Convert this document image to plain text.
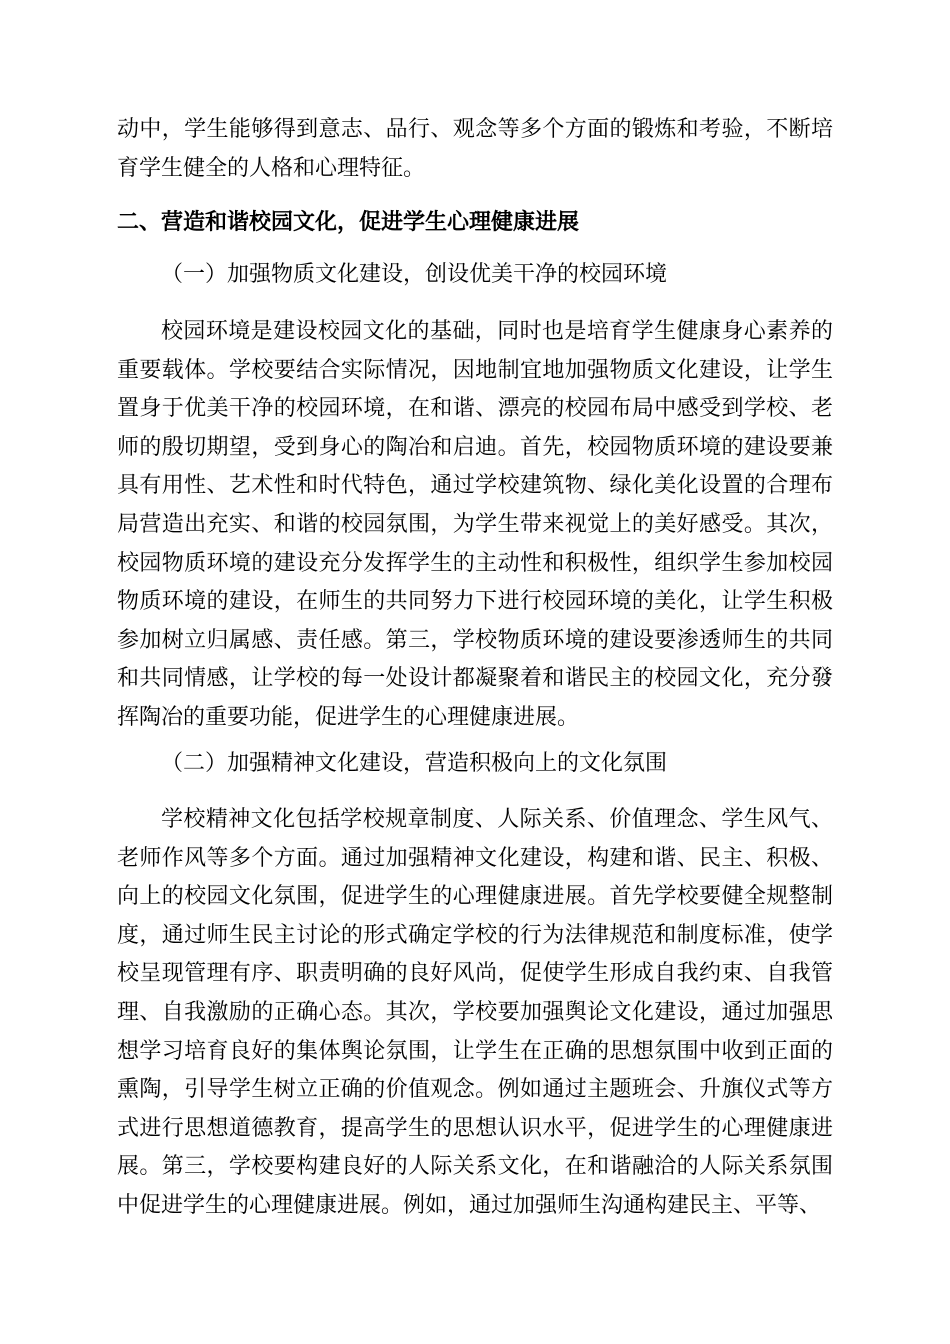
动中，学生能够得到意志、品行、观念等多个方面的锻炼和考验，不断培育学生健全的人格和心理特征。

二、营造和谐校园文化，促进学生心理健康进展

（一）加强物质文化建设，创设优美干净的校园环境

校园环境是建设校园文化的基础，同时也是培育学生健康身心素养的重要载体。学校要结合实际情况，因地制宜地加强物质文化建设，让学生置身于优美干净的校园环境，在和谐、漂亮的校园布局中感受到学校、老师的殷切期望，受到身心的陶冶和启迪。首先，校园物质环境的建设要兼具有用性、艺术性和时代特色，通过学校建筑物、绿化美化设置的合理布局营造出充实、和谐的校园氛围，为学生带来视觉上的美好感受。其次，校园物质环境的建设充分发挥学生的主动性和积极性，组织学生参加校园物质环境的建设，在师生的共同努力下进行校园环境的美化，让学生积极参加树立归属感、责任感。第三，学校物质环境的建设要渗透师生的共同和共同情感，让学校的每一处设计都凝聚着和谐民主的校园文化，充分發挥陶冶的重要功能，促进学生的心理健康进展。

（二）加强精神文化建设，营造积极向上的文化氛围

学校精神文化包括学校规章制度、人际关系、价值理念、学生风气、老师作风等多个方面。通过加强精神文化建设，构建和谐、民主、积极、向上的校园文化氛围，促进学生的心理健康进展。首先学校要健全规整制度，通过师生民主讨论的形式确定学校的行为法律规范和制度标准，使学校呈现管理有序、职责明确的良好风尚，促使学生形成自我约束、自我管理、自我激励的正确心态。其次，学校要加强舆论文化建设，通过加强思想学习培育良好的集体舆论氛围，让学生在正确的思想氛围中收到正面的熏陶，引导学生树立正确的价值观念。例如通过主题班会、升旗仪式等方式进行思想道德教育，提高学生的思想认识水平，促进学生的心理健康进展。第三，学校要构建良好的人际关系文化，在和谐融洽的人际关系氛围中促进学生的心理健康进展。例如，通过加强师生沟通构建民主、平等、
